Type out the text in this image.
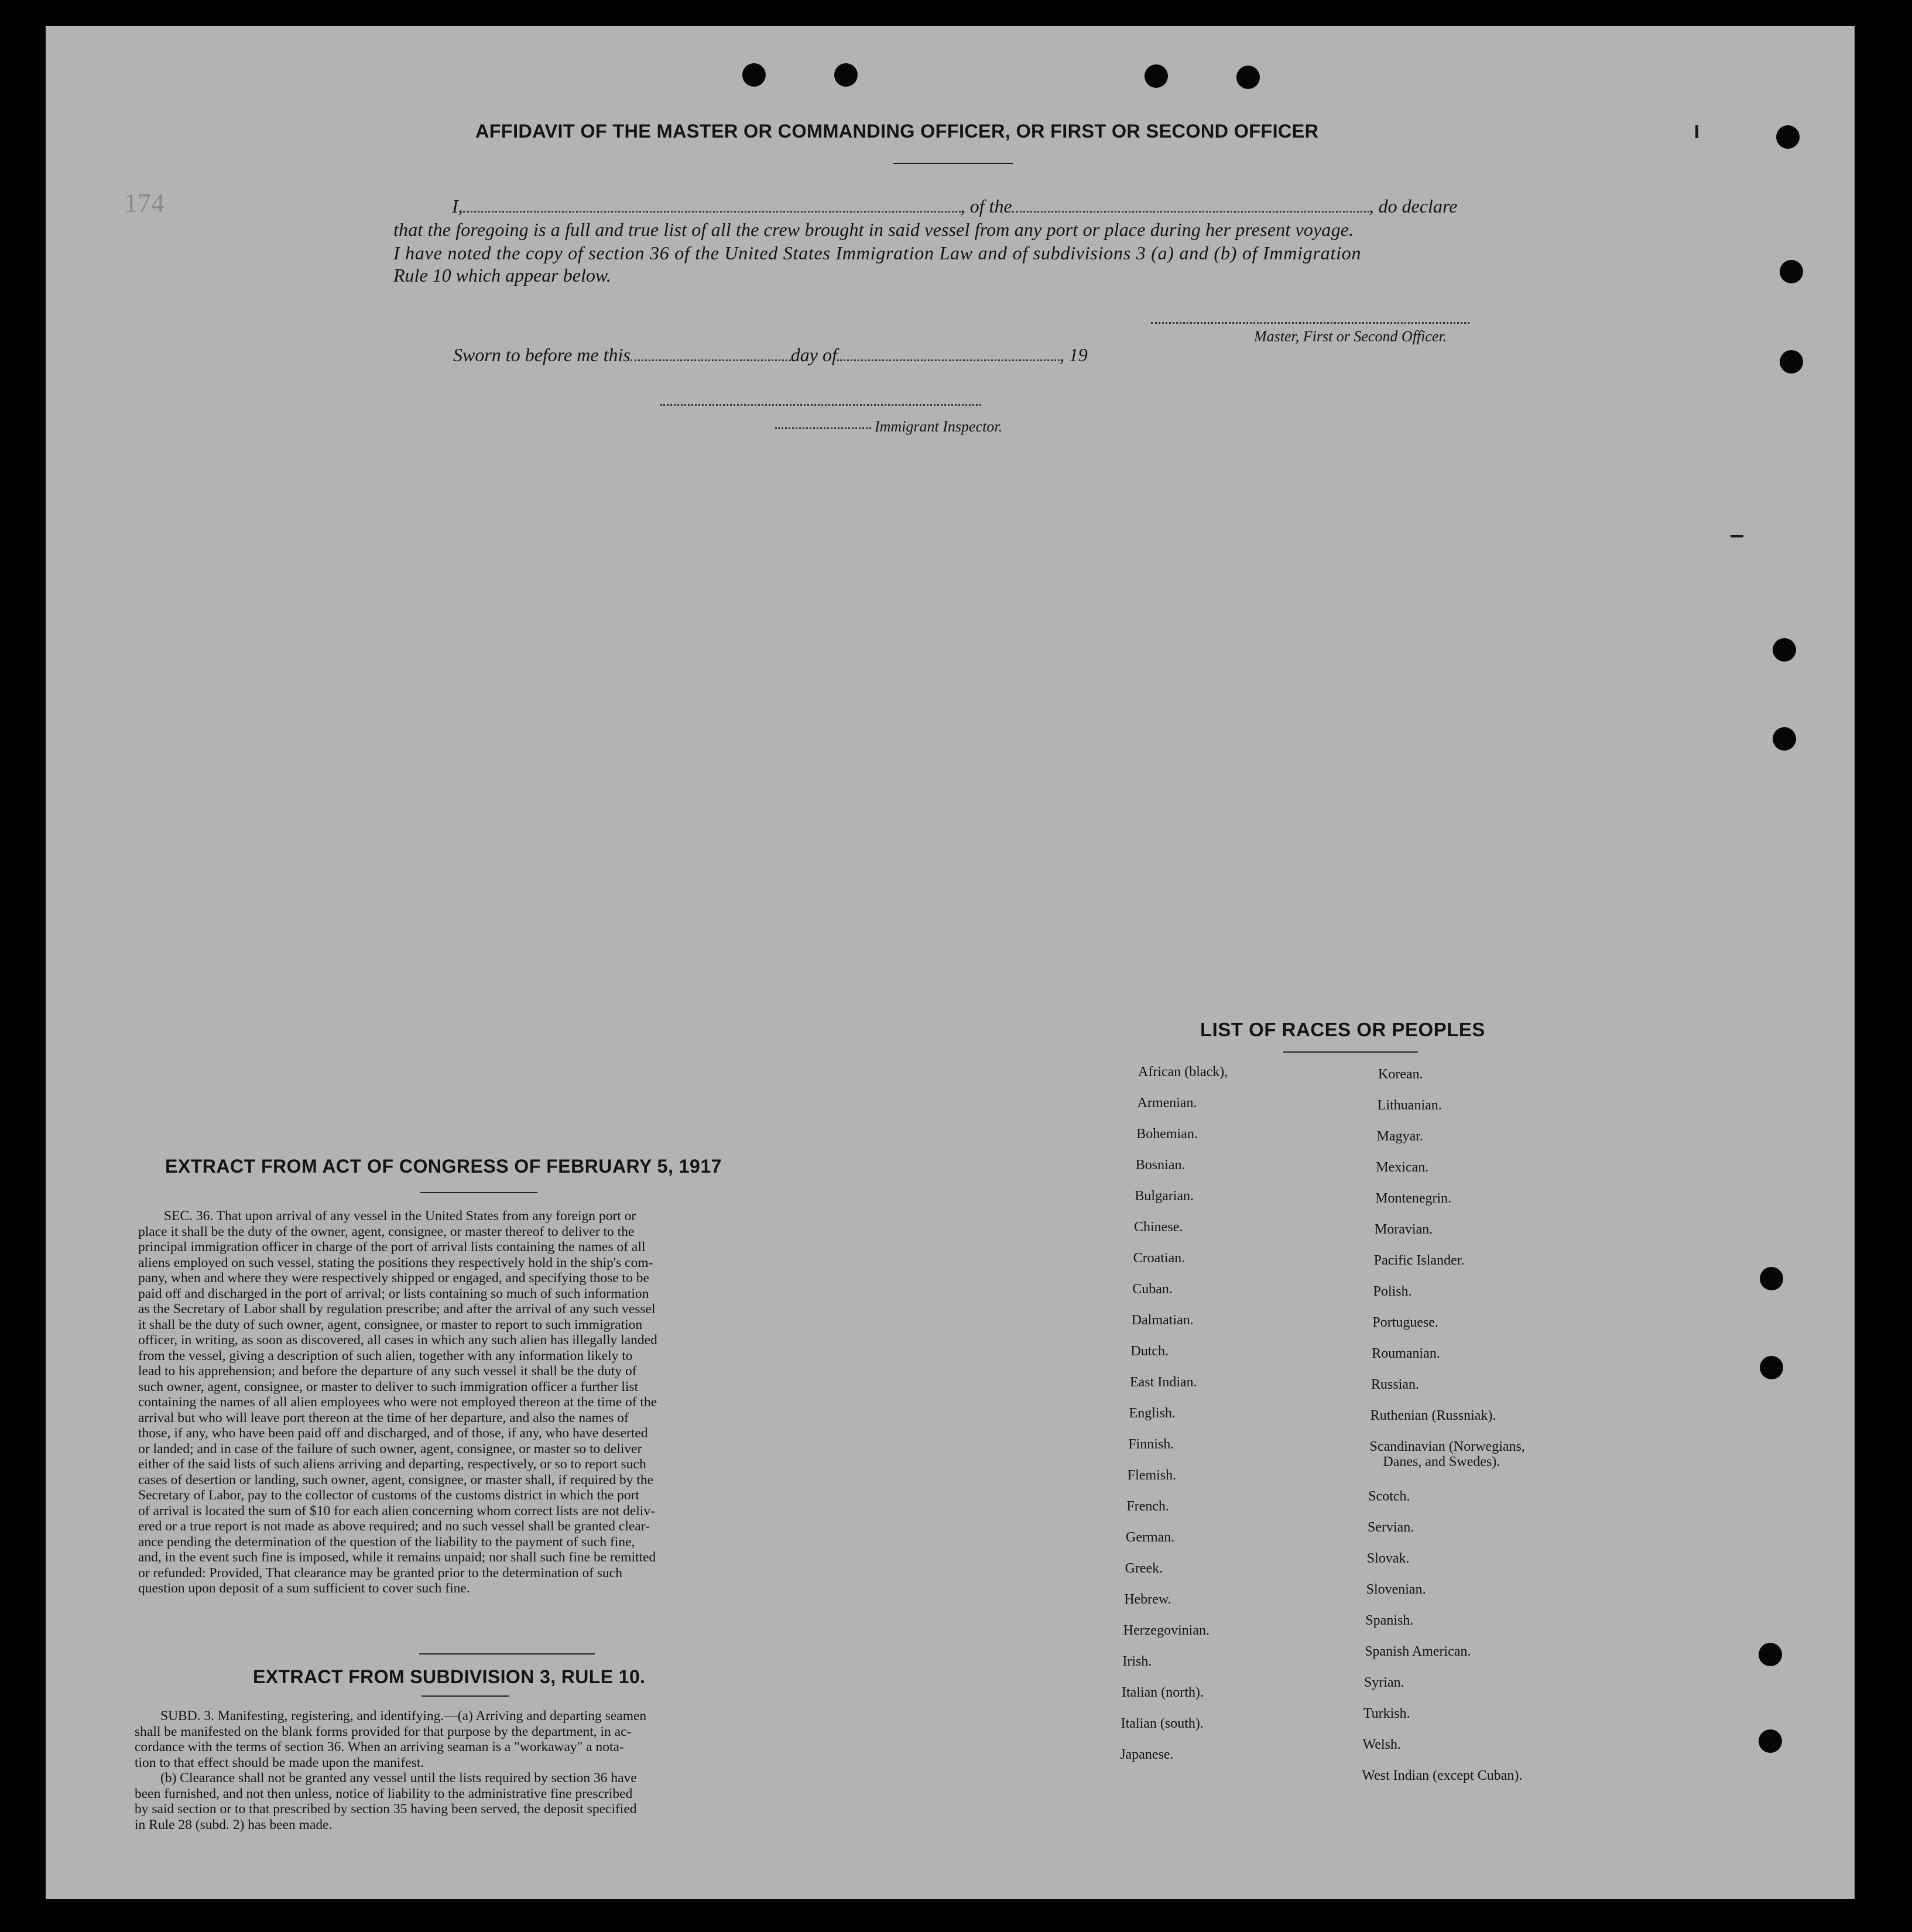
174
AFFIDAVIT OF THE MASTER OR COMMANDING OFFICER, OR FIRST OR SECOND OFFICER
I,	, of the	, do declare
that the foregoing is a full and true list of all the crew brought in said vessel from any port or place during her present voyage.
I have noted the copy of section 36 of the United States Immigration Law and of subdivisions 3 (a) and (b) of Immigration
Rule 10 which appear below.
Master, First or Second Officer.
Sworn to before me this	day of	, 19
Immigrant Inspector.
EXTRACT FROM ACT OF CONGRESS OF FEBRUARY 5, 1917
SEC. 36. That upon arrival of any vessel in the United States from any foreign port or
place it shall be the duty of the owner, agent, consignee, or master thereof to deliver to the
principal immigration officer in charge of the port of arrival lists containing the names of all
aliens employed on such vessel, stating the positions they respectively hold in the ship's com-
pany, when and where they were respectively shipped or engaged, and specifying those to be
paid off and discharged in the port of arrival; or lists containing so much of such information
as the Secretary of Labor shall by regulation prescribe; and after the arrival of any such vessel
it shall be the duty of such owner, agent, consignee, or master to report to such immigration
officer, in writing, as soon as discovered, all cases in which any such alien has illegally landed
from the vessel, giving a description of such alien, together with any information likely to
lead to his apprehension; and before the departure of any such vessel it shall be the duty of
such owner, agent, consignee, or master to deliver to such immigration officer a further list
containing the names of all alien employees who were not employed thereon at the time of the
arrival but who will leave port thereon at the time of her departure, and also the names of
those, if any, who have been paid off and discharged, and of those, if any, who have deserted
or landed; and in case of the failure of such owner, agent, consignee, or master so to deliver
either of the said lists of such aliens arriving and departing, respectively, or so to report such
cases of desertion or landing, such owner, agent, consignee, or master shall, if required by the
Secretary of Labor, pay to the collector of customs of the customs district in which the port
of arrival is located the sum of $10 for each alien concerning whom correct lists are not deliv-
ered or a true report is not made as above required; and no such vessel shall be granted clear-
ance pending the determination of the question of the liability to the payment of such fine,
and, in the event such fine is imposed, while it remains unpaid; nor shall such fine be remitted
or refunded: Provided, That clearance may be granted prior to the determination of such
question upon deposit of a sum sufficient to cover such fine.
EXTRACT FROM SUBDIVISION 3, RULE 10.
SUBD. 3. Manifesting, registering, and identifying.—(a) Arriving and departing seamen
shall be manifested on the blank forms provided for that purpose by the department, in ac-
cordance with the terms of section 36. When an arriving seaman is a "workaway" a nota-
tion to that effect should be made upon the manifest.
(b) Clearance shall not be granted any vessel until the lists required by section 36 have
been furnished, and not then unless, notice of liability to the administrative fine prescribed
by said section or to that prescribed by section 35 having been served, the deposit specified
in Rule 28 (subd. 2) has been made.
LIST OF RACES OR PEOPLES
African (black),
Armenian.
Bohemian.
Bosnian.
Bulgarian.
Chinese.
Croatian.
Cuban.
Dalmatian.
Dutch.
East Indian.
English.
Finnish.
Flemish.
French.
German.
Greek.
Hebrew.
Herzegovinian.
Irish.
Italian (north).
Italian (south).
Japanese.
Korean.
Lithuanian.
Magyar.
Mexican.
Montenegrin.
Moravian.
Pacific Islander.
Polish.
Portuguese.
Roumanian.
Russian.
Ruthenian (Russniak).
Scandinavian (Norwegians,
Danes, and Swedes).
Scotch.
Servian.
Slovak.
Slovenian.
Spanish.
Spanish American.
Syrian.
Turkish.
Welsh.
West Indian (except Cuban).
